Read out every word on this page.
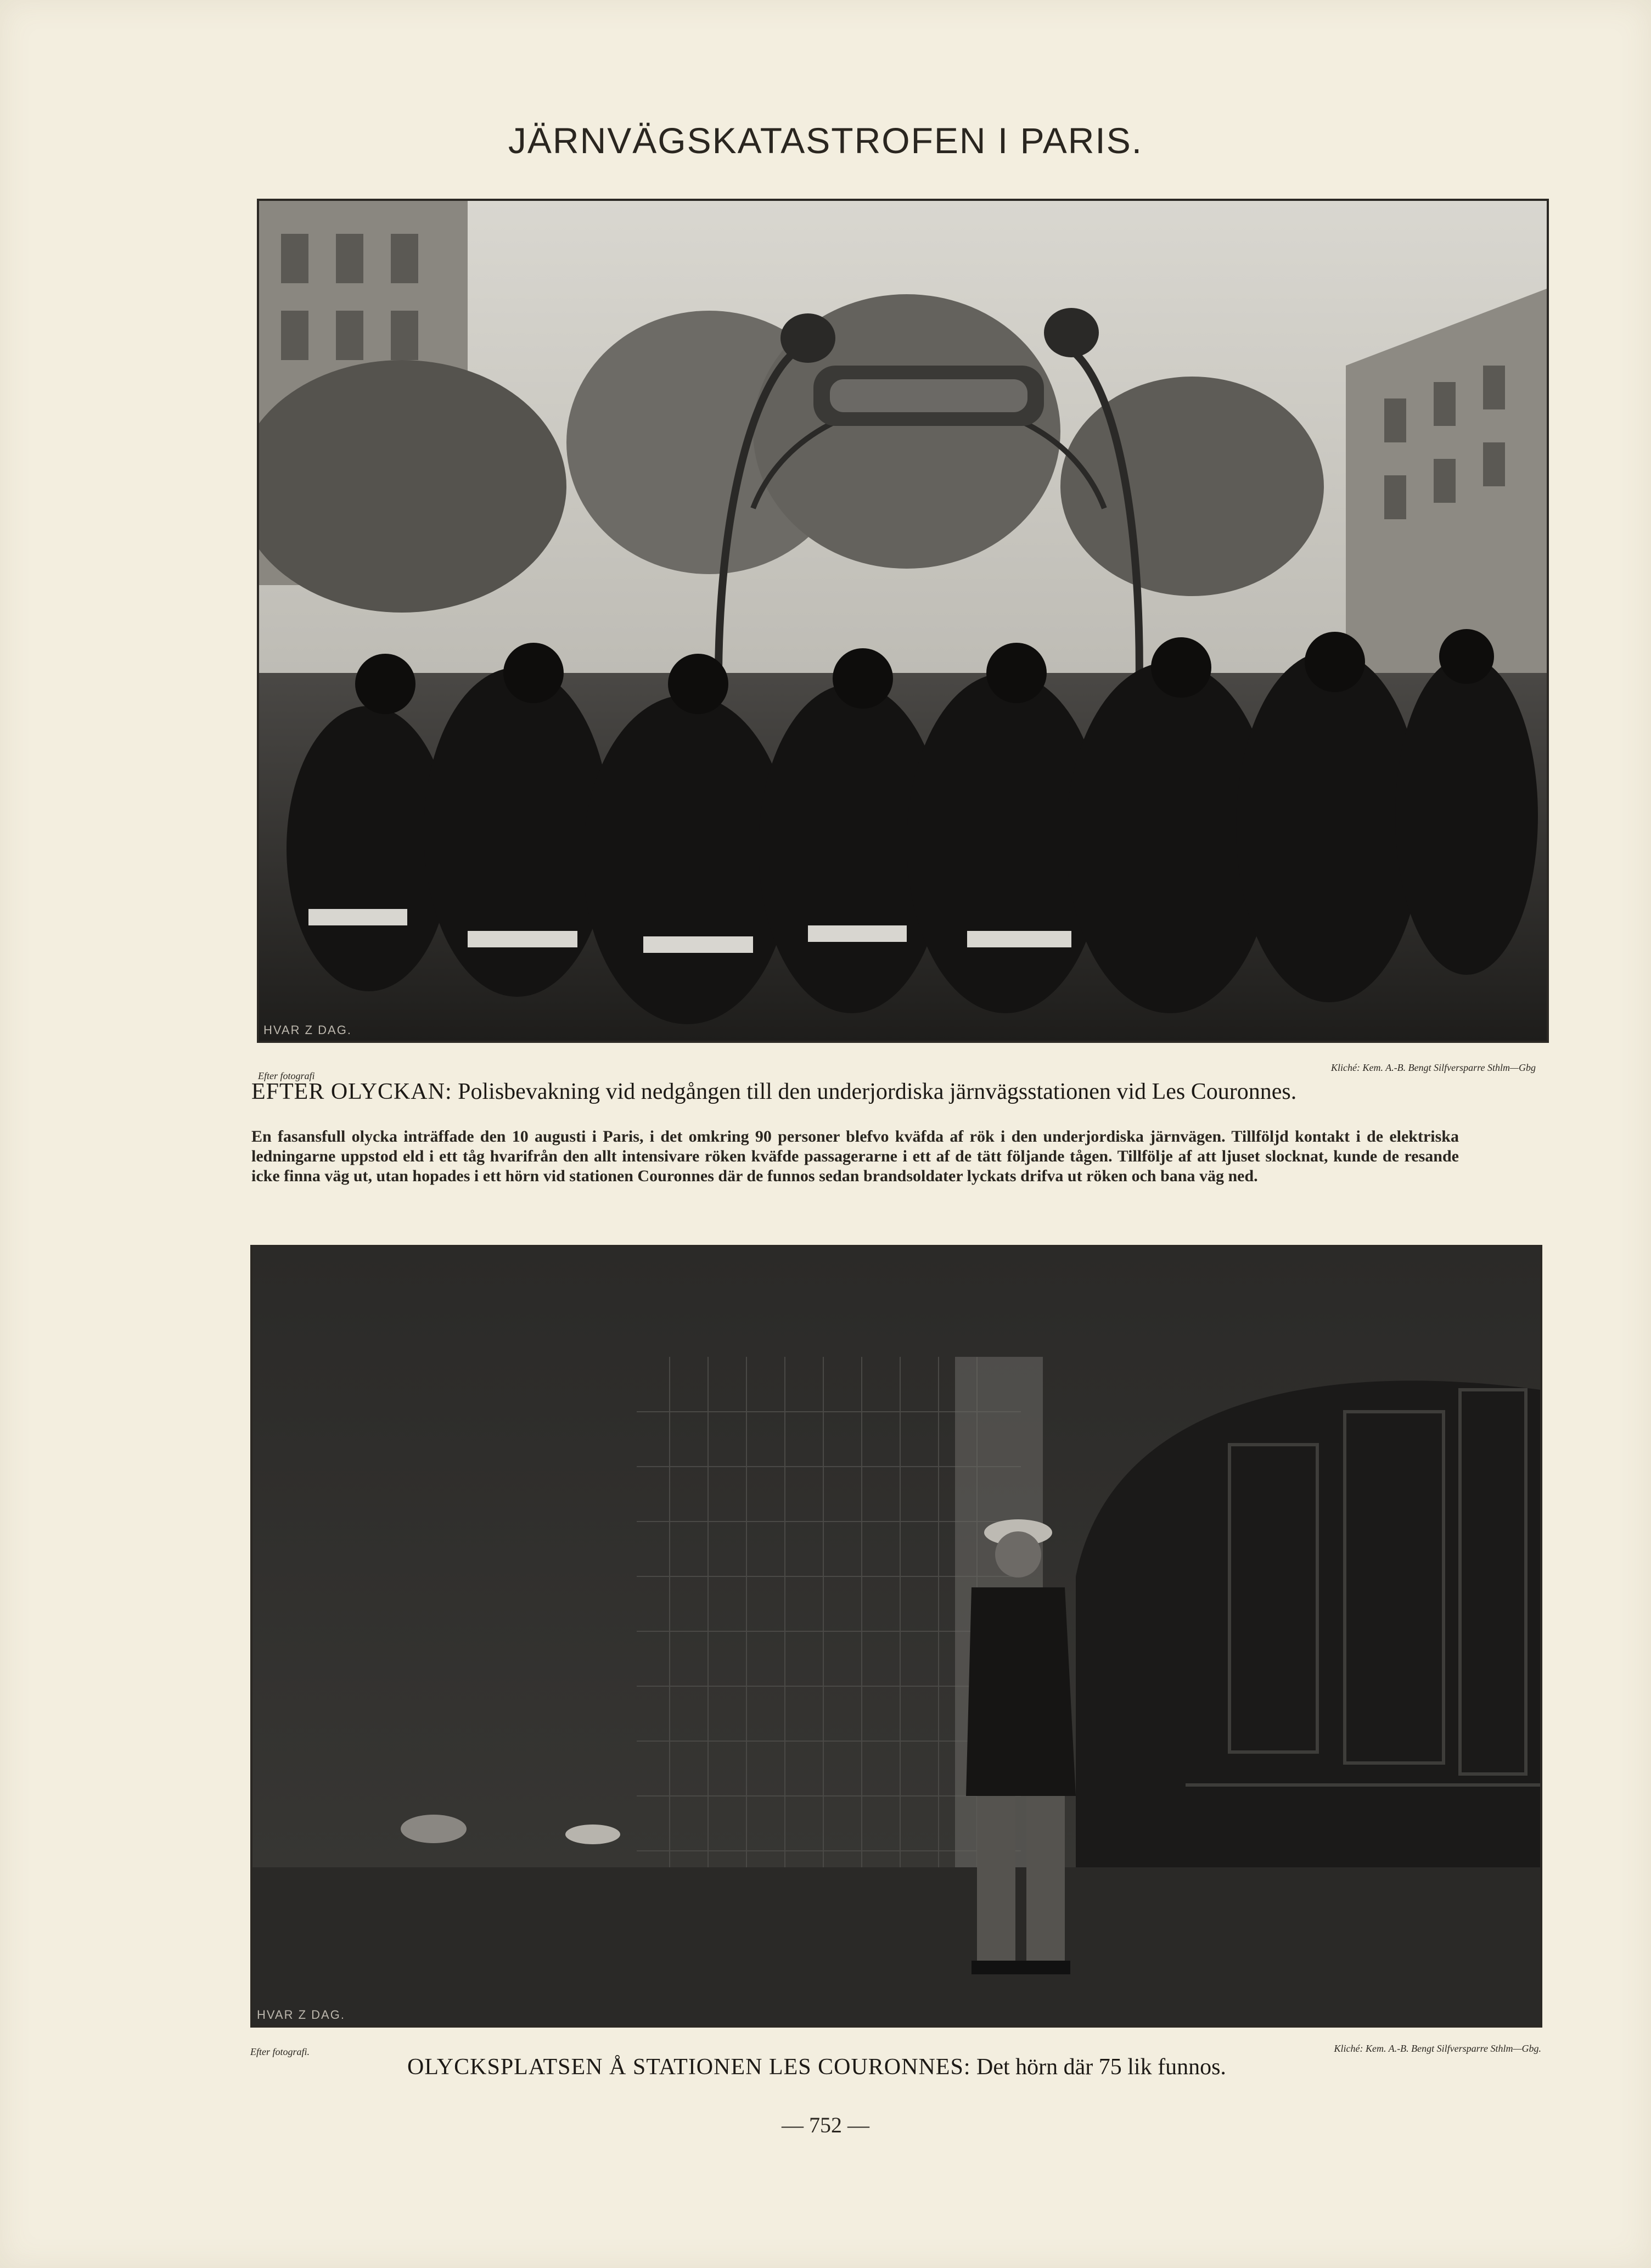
JÄRNVÄGSKATASTROFEN I PARIS.
HVAR Z DAG.
Efter fotografi
Kliché: Kem. A.-B. Bengt Silfversparre Sthlm—Gbg
EFTER OLYCKAN: Polisbevakning vid nedgången till den underjordiska järnvägsstationen vid Les Couronnes.
En fasansfull olycka inträffade den 10 augusti i Paris, i det omkring 90 personer blefvo kväfda af rök i den underjordiska järnvägen. Tillföljd kontakt i de elektriska ledningarne uppstod eld i ett tåg hvarifrån den allt intensivare röken kväfde passagerarne i ett af de tätt följande tågen. Tillfölje af att ljuset slocknat, kunde de resande icke finna väg ut, utan hopades i ett hörn vid stationen Couronnes där de funnos sedan brandsoldater lyckats drifva ut röken och bana väg ned.
HVAR Z DAG.
Efter fotografi.	Kliché: Kem. A.-B. Bengt Silfversparre Sthlm—Gbg.
OLYCKSPLATSEN Å STATIONEN LES COURONNES: Det hörn där 75 lik funnos.
— 752 —
